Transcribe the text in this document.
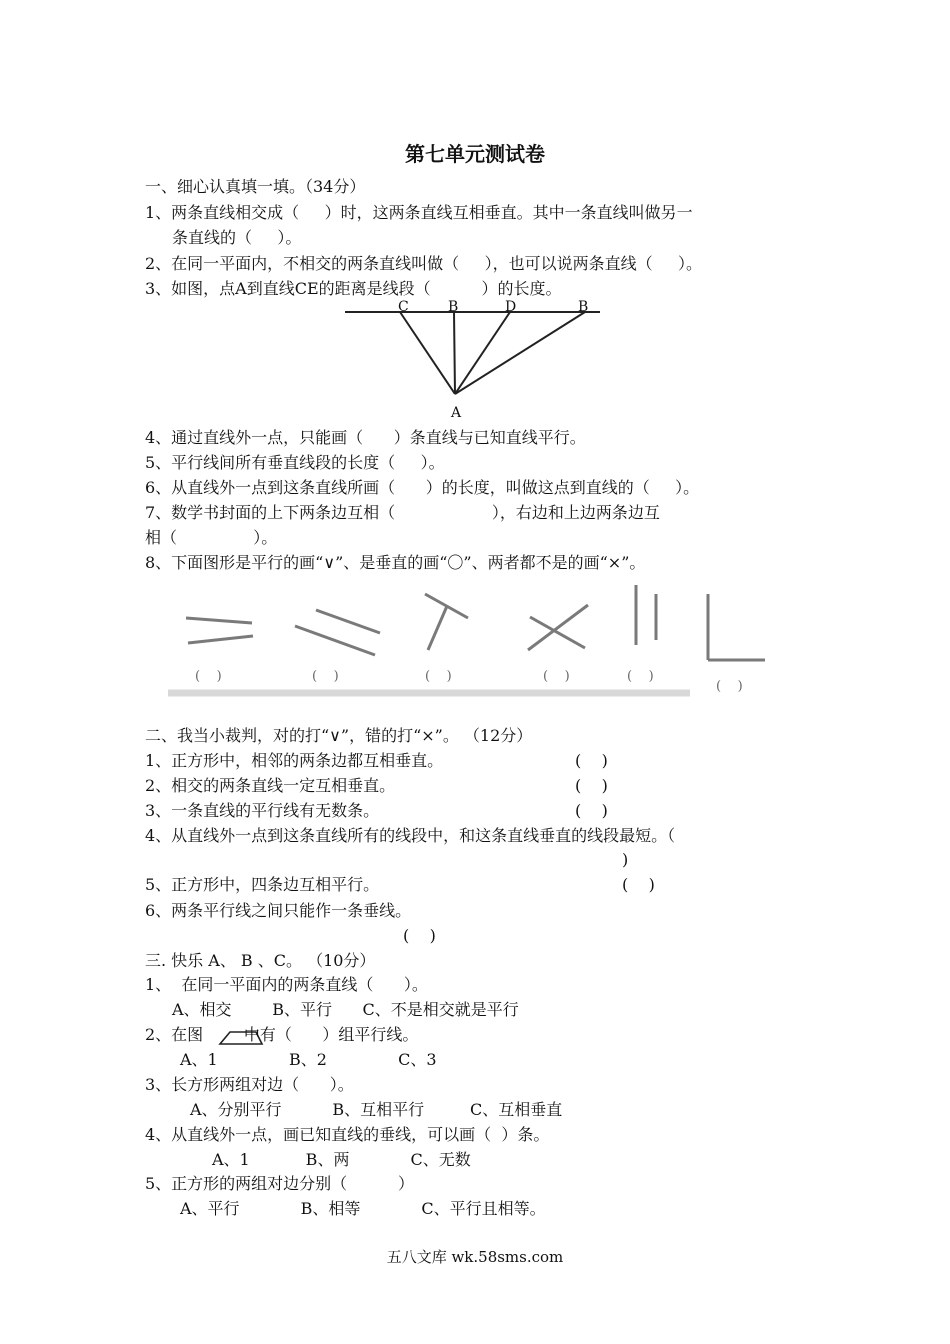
第七单元测试卷
一、细心认真填一填。（34分）
1、两条直线相交成（     ）时，这两条直线互相垂直。其中一条直线叫做另一
条直线的（     ）。
2、在同一平面内，不相交的两条直线叫做（     ），也可以说两条直线（     ）。
3、如图，点A到直线CE的距离是线段（          ）的长度。
C	B	D	B
A
4、通过直线外一点，只能画（      ）条直线与已知直线平行。
5、平行线间所有垂直线段的长度（     ）。
6、从直线外一点到这条直线所画（      ）的长度，叫做这点到直线的（     ）。
7、数学书封面的上下两条边互相（                   ），右边和上边两条边互
相（               ）。
8、下面图形是平行的画“∨”、是垂直的画“〇”、两者都不是的画“×”。
(    )	(    )	(    )	(    )	(    )
(    )
二、我当小裁判，对的打“∨”，错的打“×”。 （12分）
1、正方形中，相邻的两条边都互相垂直。	(    )
2、相交的两条直线一定互相垂直。	(    )
3、一条直线的平行线有无数条。	(    )
4、从直线外一点到这条直线所有的线段中，和这条直线垂直的线段最短。（
)
5、正方形中，四条边互相平行。	(    )
6、两条平行线之间只能作一条垂线。
(    )
三. 快乐 A、 B 、C。 （10分）
1、  在同一平面内的两条直线（      ）。
A、相交        B、平行      C、不是相交就是平行
2、在图        中有（      ）组平行线。
A、1              B、2              C、3
3、长方形两组对边（      ）。
A、分别平行          B、互相平行         C、互相垂直
4、从直线外一点，画已知直线的垂线，可以画（  ）条。
A、1           B、两            C、无数
5、正方形的两组对边分别（          ）
A、平行            B、相等            C、平行且相等。
五八文库 wk.58sms.com
